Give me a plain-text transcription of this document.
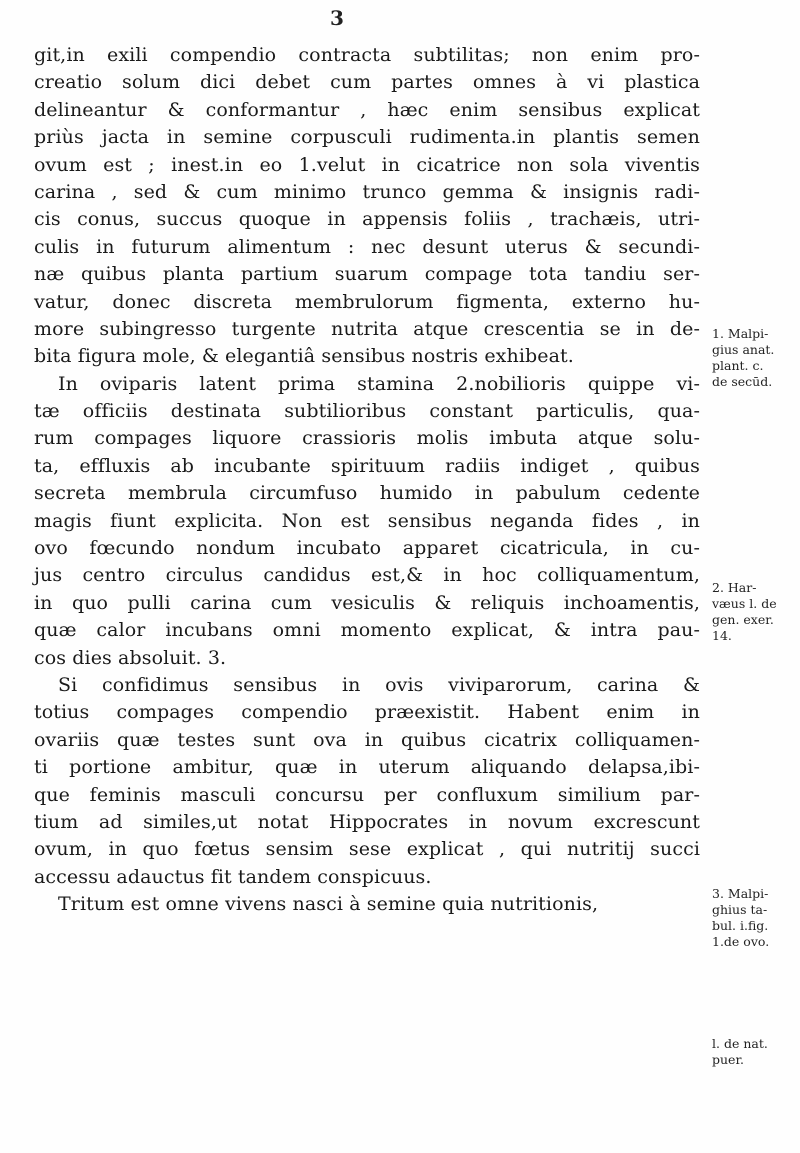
3
git,in exili compendio contracta subtilitas; non enim pro-
creatio solum dici debet cum partes omnes à vi plastica
delineantur & conformantur , hæc enim sensibus explicat
priùs jacta in semine corpusculi rudimenta.in plantis semen
ovum est ; inest.in eo 1.velut in cicatrice non sola viventis
carina , sed & cum minimo trunco gemma & insignis radi-
cis conus, succus quoque in appensis foliis , trachæis, utri-
culis in futurum alimentum : nec desunt uterus & secundi-
næ quibus planta partium suarum compage tota tandiu ser-
vatur, donec discreta membrulorum figmenta, externo hu-
more subingresso turgente nutrita atque crescentia se in de-
bita figura mole, & elegantiâ sensibus nostris exhibeat.
In oviparis latent prima stamina 2.nobilioris quippe vi-
tæ officiis destinata subtilioribus constant particulis, qua-
rum compages liquore crassioris molis imbuta atque solu-
ta, effluxis ab incubante spirituum radiis indiget , quibus
secreta membrula circumfuso humido in pabulum cedente
magis fiunt explicita. Non est sensibus neganda fides , in
ovo fœcundo nondum incubato apparet cicatricula, in cu-
jus centro circulus candidus est,& in hoc colliquamentum,
in quo pulli carina cum vesiculis & reliquis inchoamentis,
quæ calor incubans omni momento explicat, & intra pau-
cos dies absoluit. 3.
Si confidimus sensibus in ovis viviparorum, carina &
totius compages compendio præexistit. Habent enim in
ovariis quæ testes sunt ova in quibus cicatrix colliquamen-
ti portione ambitur, quæ in uterum aliquando delapsa,ibi-
que feminis masculi concursu per confluxum similium par-
tium ad similes,ut notat Hippocrates in novum excrescunt
ovum, in quo fœtus sensim sese explicat , qui nutritij succi
accessu adauctus fit tandem conspicuus.
Tritum est omne vivens nasci à semine quia nutritionis,
1. Malpi-
gius anat.
plant. c.
de secūd.
2. Har-
væus l. de
gen. exer.
14.
3. Malpi-
ghius ta-
bul. i.fig.
1.de ovo.
l. de nat.
puer.
